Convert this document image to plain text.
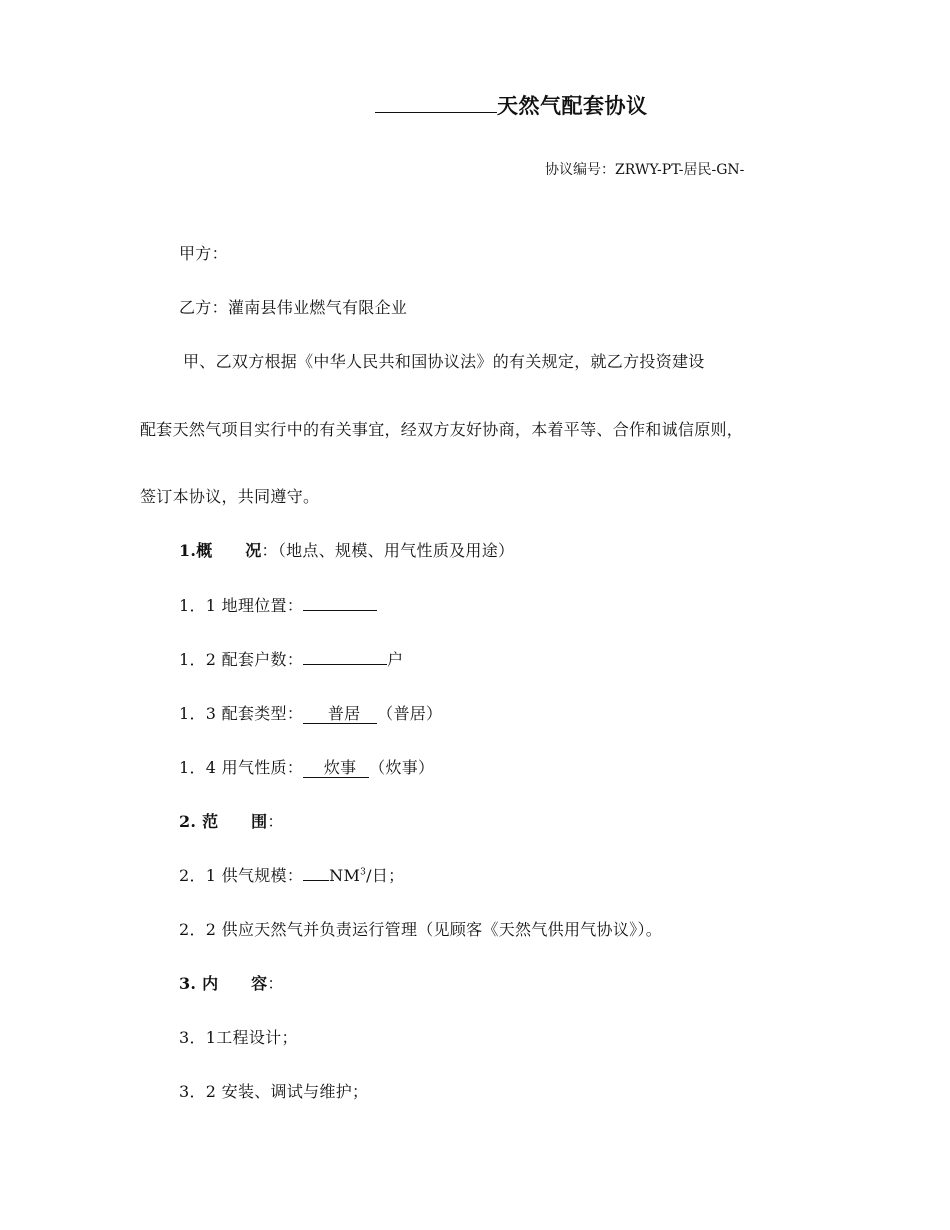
天然气配套协议
协议编号：ZRWY-PT-居民-GN-
甲方：
乙方：灌南县伟业燃气有限企业
甲、乙双方根据《中华人民共和国协议法》的有关规定，就乙方投资建设
配套天然气项目实行中的有关事宜，经双方友好协商，本着平等、合作和诚信原则，
签订本协议，共同遵守。
1.概　　况：（地点、规模、用气性质及用途）
1．1 地理位置：
1．2 配套户数：	户
1．3 配套类型： 普居 （普居）
1．4 用气性质： 炊事 （炊事）
2. 范　　围：
2．1 供气规模： $NM^3/$日；
2．2 供应天然气并负责运行管理（见顾客《天然气供用气协议》）。
3. 内　　容：
3．1工程设计；
3．2 安装、调试与维护；
